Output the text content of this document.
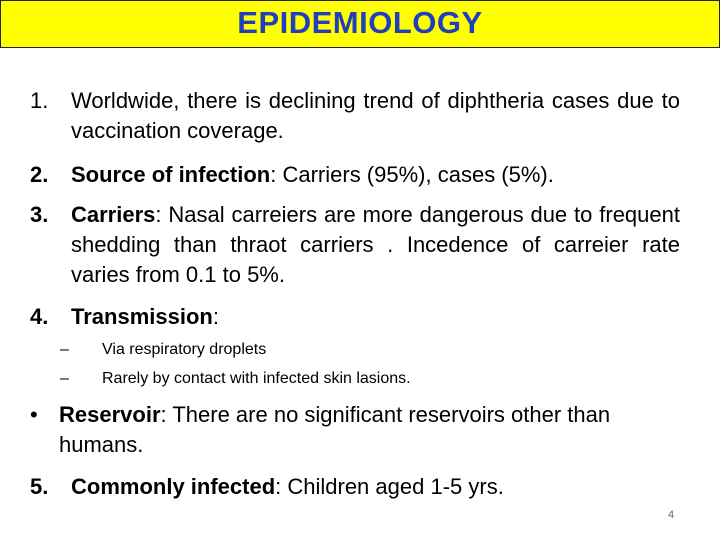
EPIDEMIOLOGY
1. Worldwide, there is declining trend of diphtheria cases due to vaccination coverage.
2. Source of infection: Carriers (95%), cases (5%).
3. Carriers: Nasal carreiers are more dangerous due to frequent shedding than thraot carriers . Incedence of carreier rate varies from 0.1 to 5%.
4. Transmission:
– Via respiratory droplets
– Rarely by contact with infected skin lasions.
• Reservoir: There are no significant reservoirs other than humans.
5. Commonly infected: Children aged 1-5 yrs.
4
